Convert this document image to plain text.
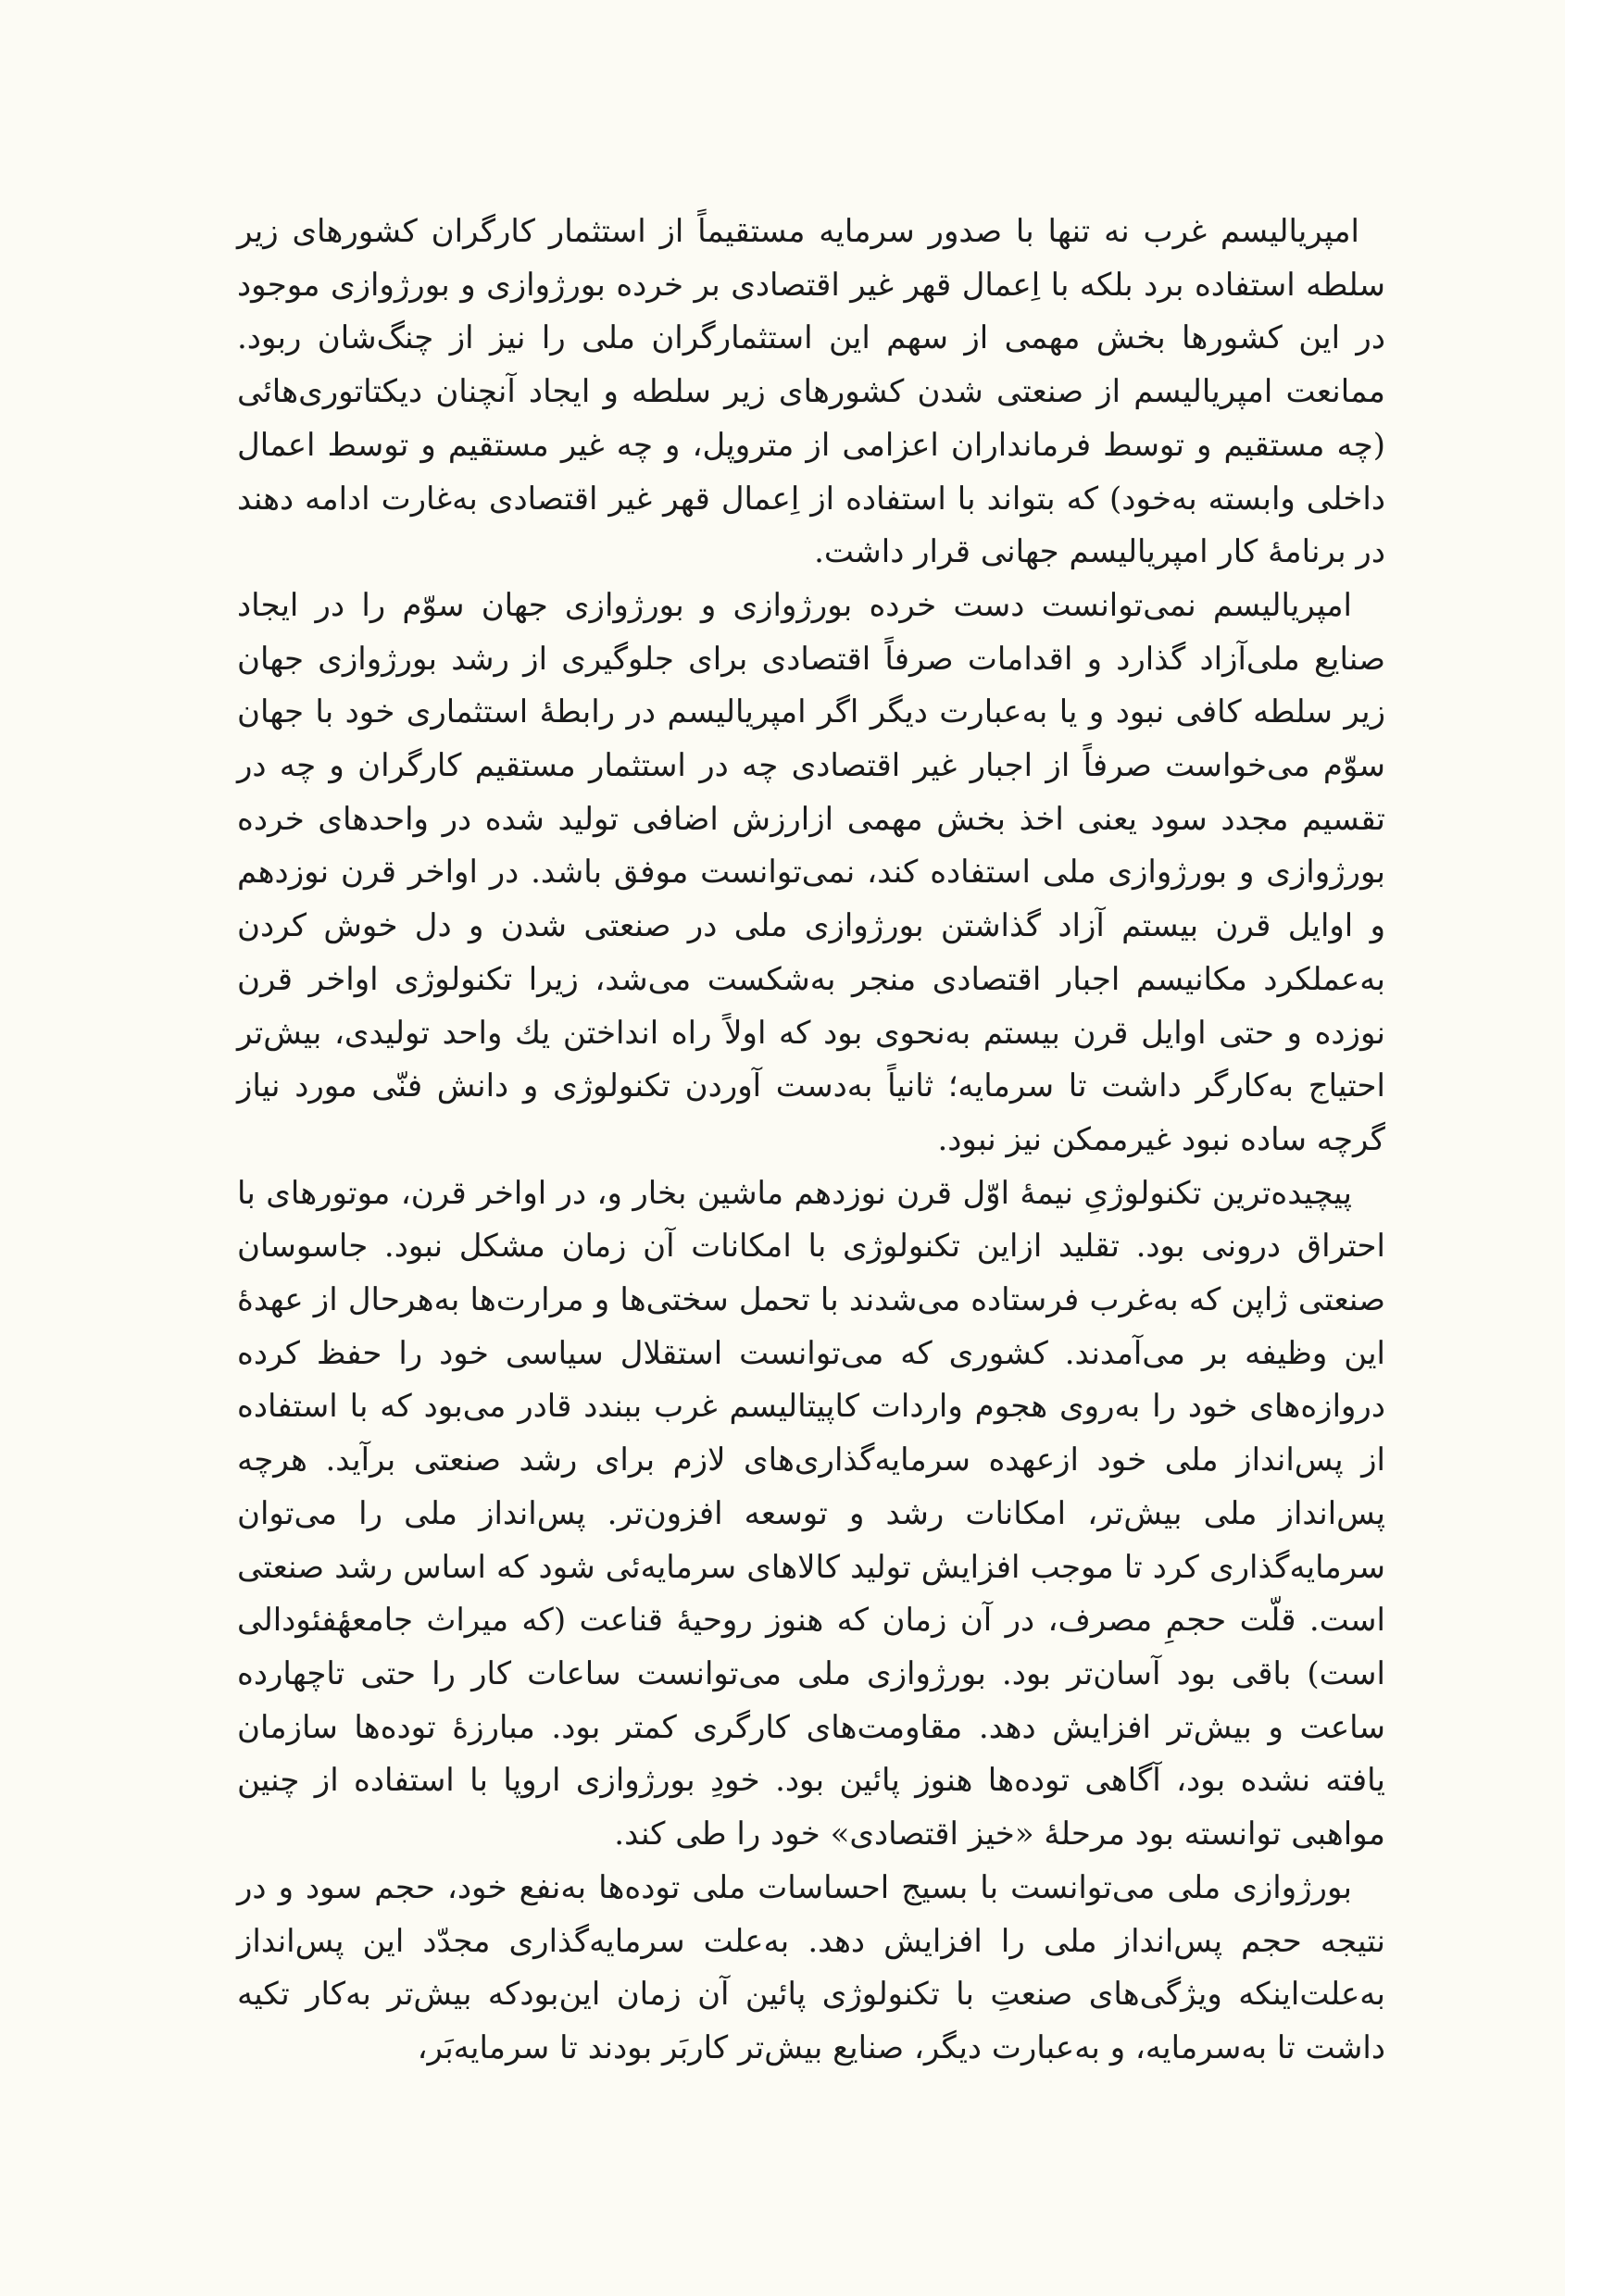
امپریالیسم غرب نه تنها با صدور سرمایه مستقیماً از استثمار کارگران کشورهای زیر سلطه استفاده برد بلکه با اِعمال قهر غیر اقتصادی بر خرده بورژوازی و بورژوازی موجود در این کشورها بخش مهمی از سهم این استثمارگران ملی را نیز از چنگ‌شان ربود. ممانعت امپریالیسم از صنعتی شدن کشورهای زیر سلطه و ایجاد آنچنان دیکتاتوری‌هائی (چه مستقیم و توسط فرمانداران اعزامی از متروپل، و چه غیر مستقیم و توسط اعمال داخلی وابسته به‌خود) که بتواند با استفاده از اِعمال قهر غیر اقتصادی به‌غارت ادامه دهند در برنامهٔ کار امپریالیسم جهانی قرار داشت.

امپریالیسم نمی‌توانست دست خرده بورژوازی و بورژوازی جهان سوّم را در ایجاد صنایع ملی‌آزاد گذارد و اقدامات صرفاً اقتصادی برای جلوگیری از رشد بورژوازی جهان زیر سلطه کافی نبود و یا به‌عبارت دیگر اگر امپریالیسم در رابطهٔ استثماری خود با جهان سوّم می‌خواست صرفاً از اجبار غیر اقتصادی چه در استثمار مستقیم کارگران و چه در تقسیم مجدد سود یعنی اخذ بخش مهمی ازارزش اضافی تولید شده در واحدهای خرده بورژوازی و بورژوازی ملی استفاده کند، نمی‌توانست موفق باشد. در اواخر قرن نوزدهم و اوایل قرن بیستم آزاد گذاشتن بورژوازی ملی در صنعتی شدن و دل خوش کردن به‌عملکرد مکانیسم اجبار اقتصادی منجر به‌شکست می‌شد، زیرا تکنولوژی اواخر قرن نوزده و حتی اوایل قرن بیستم به‌نحوی بود که اولاً راه انداختن یك واحد تولیدی، بیش‌تر احتیاج به‌کارگر داشت تا سرمایه؛ ثانیاً به‌دست آوردن تکنولوژی و دانش فنّی مورد نیاز گرچه ساده نبود غیرممکن نیز نبود.

پیچیده‌ترین تکنولوژیِ نیمهٔ اوّل قرن نوزدهم ماشین بخار و، در اواخر قرن، موتورهای با احتراق درونی بود. تقلید ازاین تکنولوژی با امکانات آن زمان مشکل نبود. جاسوسان صنعتی ژاپن که به‌غرب فرستاده می‌شدند با تحمل سختی‌ها و مرارت‌ها به‌هرحال از عهدهٔ این وظیفه بر می‌آمدند. کشوری که می‌توانست استقلال سیاسی خود را حفظ کرده دروازه‌های خود را به‌روی هجوم واردات کاپیتالیسم غرب ببندد قادر می‌بود که با استفاده از پس‌انداز ملی خود ازعهده سرمایه‌گذاری‌های لازم برای رشد صنعتی برآید. هرچه پس‌انداز ملی بیش‌تر، امکانات رشد و توسعه افزون‌تر. پس‌انداز ملی را می‌توان سرمایه‌گذاری کرد تا موجب افزایش تولید کالاهای سرمایه‌ئی شود که اساس رشد صنعتی است. قلّت حجمِ مصرف، در آن زمان که هنوز روحیهٔ قناعت (که میراث جامعهٔفئودالی است) باقی بود آسان‌تر بود. بورژوازی ملی می‌توانست ساعات کار را حتی تاچهارده ساعت و بیش‌تر افزایش دهد. مقاومت‌های کارگری کمتر بود. مبارزهٔ توده‌ها سازمان یافته نشده بود، آگاهی توده‌ها هنوز پائین بود. خودِ بورژوازی اروپا با استفاده از چنین مواهبی توانسته بود مرحلهٔ «خیز اقتصادی» خود را طی کند.

بورژوازی ملی می‌توانست با بسیج احساسات ملی توده‌ها به‌نفع خود، حجم سود و در نتیجه حجم پس‌انداز ملی را افزایش دهد. به‌علت سرمایه‌گذاری مجدّد این پس‌انداز به‌علت‌اینکه ویژگی‌های صنعتِ با تکنولوژی پائین آن زمان این‌بودکه بیش‌تر به‌کار تکیه داشت تا به‌سرمایه، و به‌عبارت دیگر، صنایع بیش‌تر کاربَر بودند تا سرمایه‌بَر،
